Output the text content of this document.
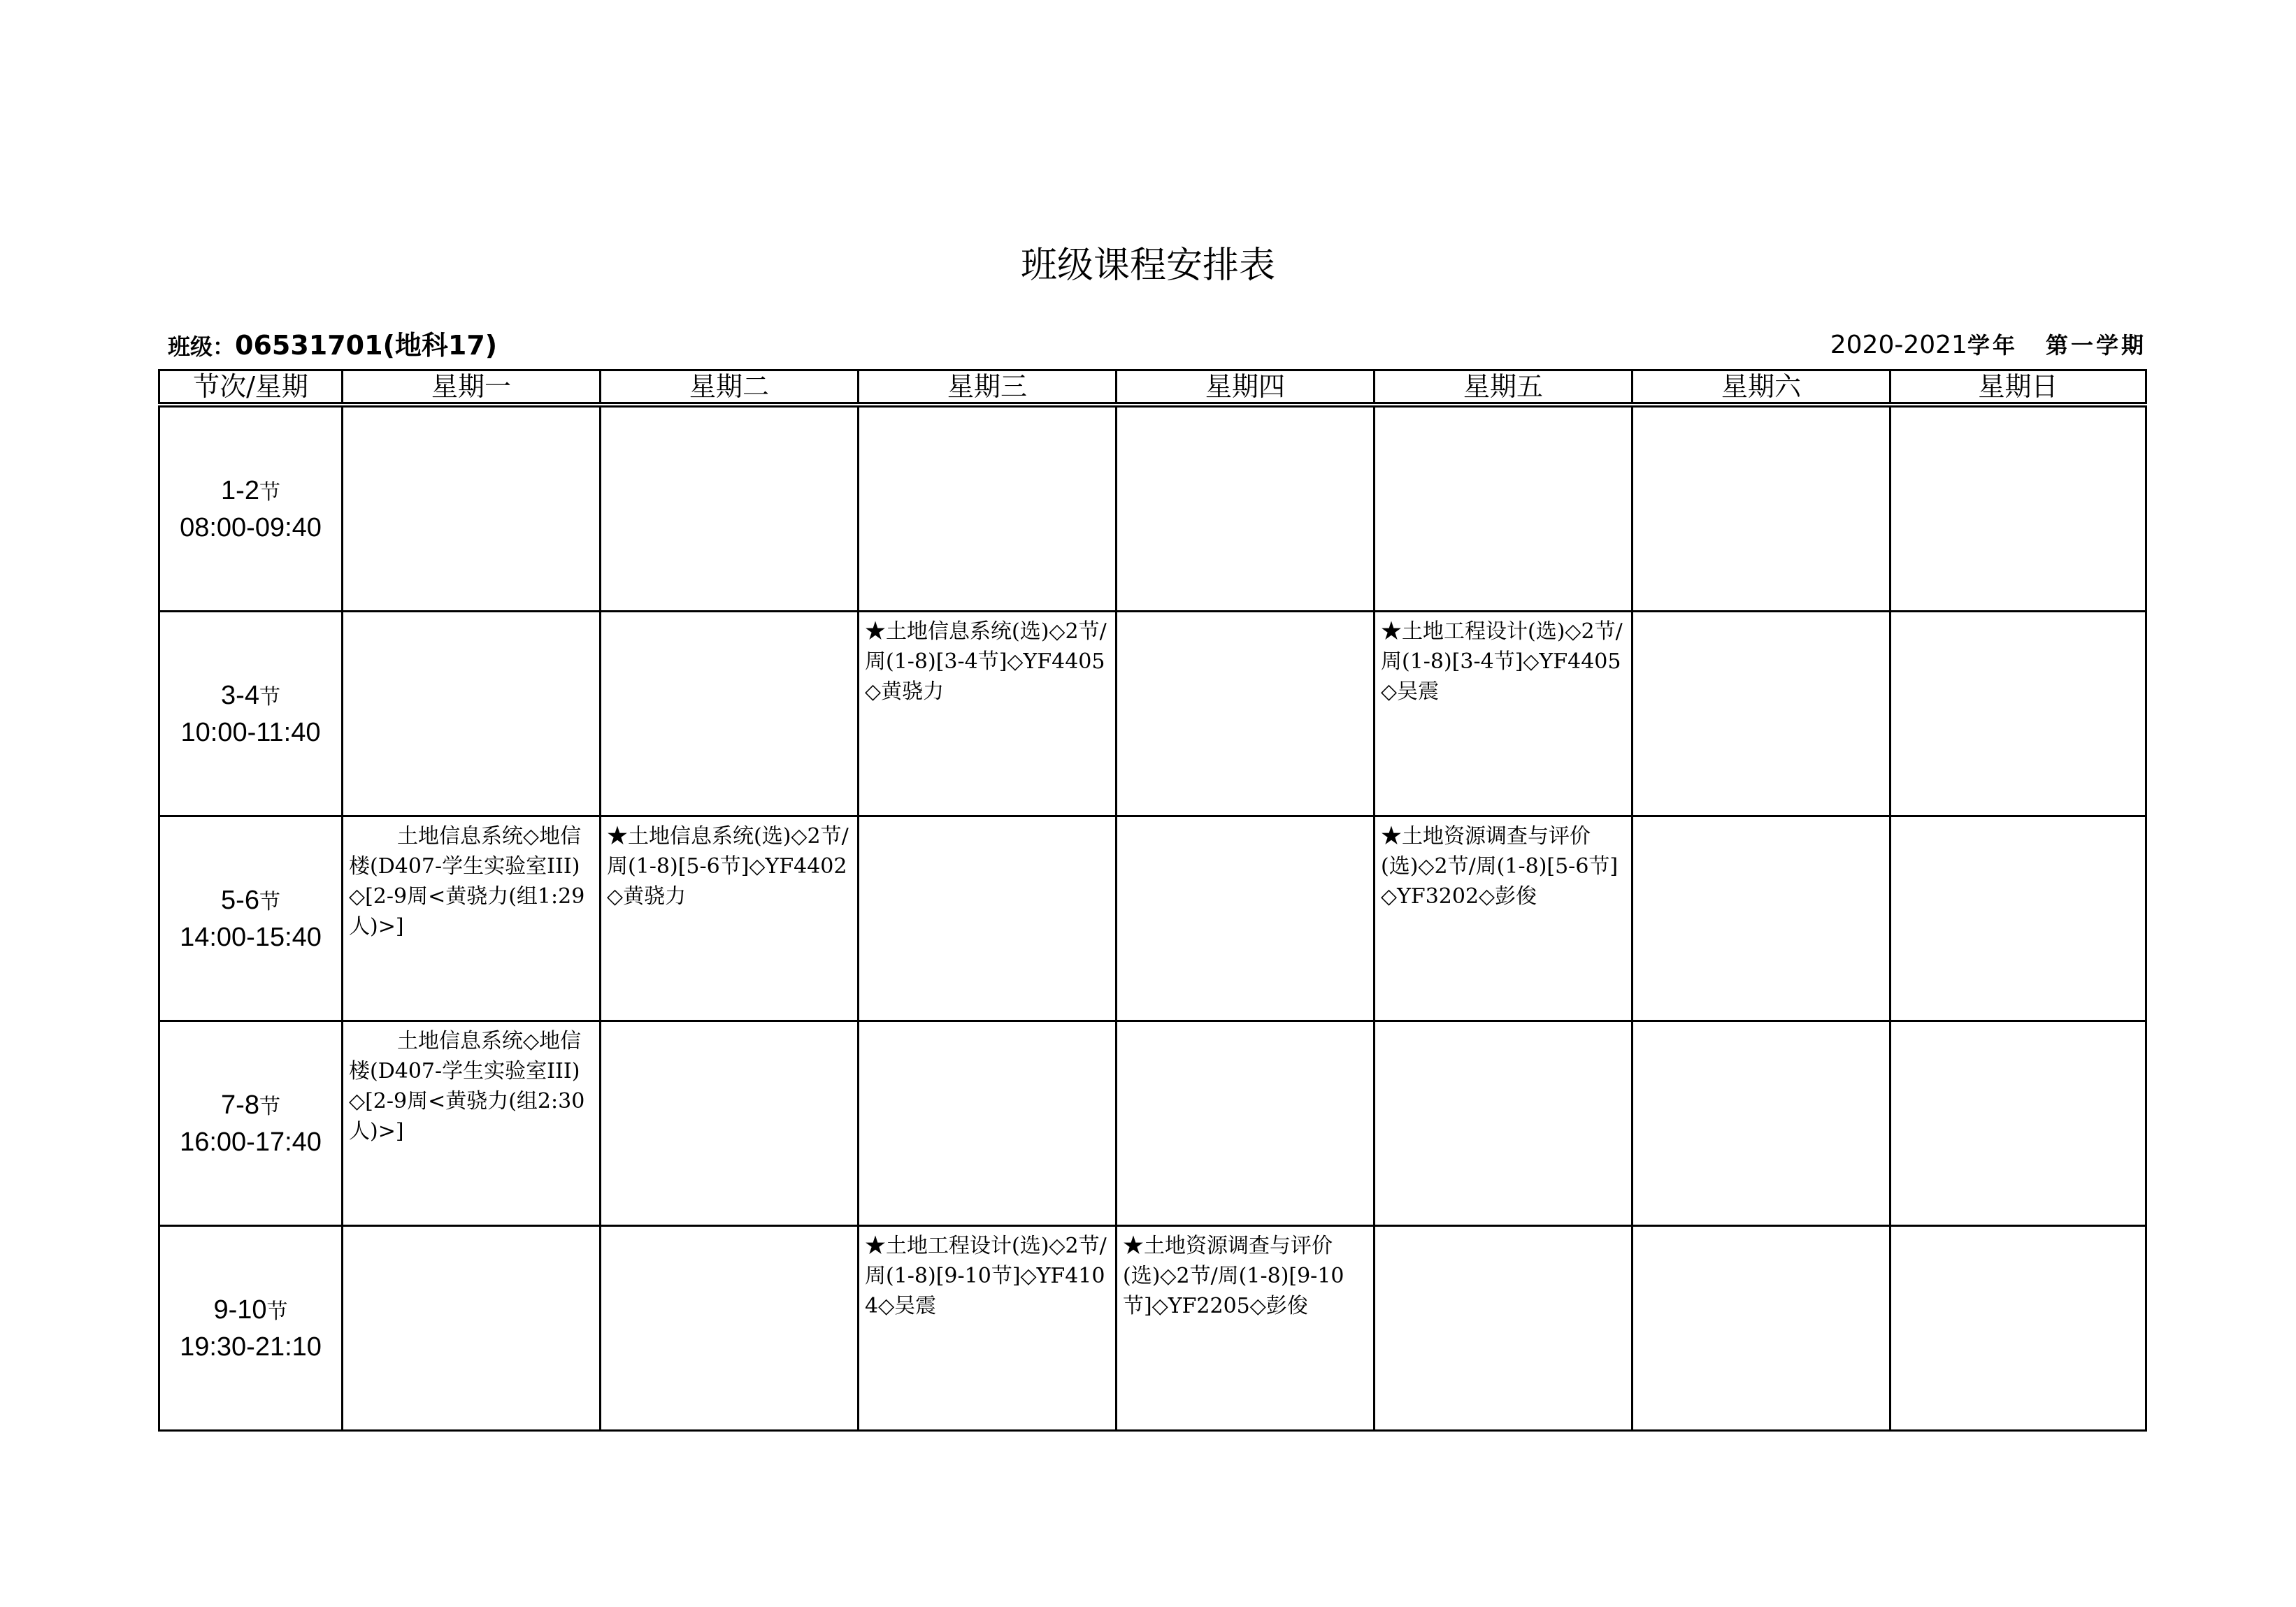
班级课程安排表
班级：06531701(地科17)	2020-2021学年 第一学期
节次/星期	星期一	星期二	星期三	星期四	星期五	星期六	星期日

1-2节
08:00-09:40							

3-4节
10:00-11:40			★土地信息系统(选)◇2节/周(1-8)[3-4节]◇YF4405◇黄骁力		★土地工程设计(选)◇2节/周(1-8)[3-4节]◇YF4405◇吴震		

5-6节
14:00-15:40	土地信息系统◇地信楼(D407-学生实验室III)◇[2-9周<黄骁力(组1:29人)>]	★土地信息系统(选)◇2节/周(1-8)[5-6节]◇YF4402◇黄骁力			★土地资源调查与评价(选)◇2节/周(1-8)[5-6节]◇YF3202◇彭俊		

7-8节
16:00-17:40	土地信息系统◇地信楼(D407-学生实验室III)◇[2-9周<黄骁力(组2:30人)>]						

9-10节
19:30-21:10			★土地工程设计(选)◇2节/周(1-8)[9-10节]◇YF4104◇吴震	★土地资源调查与评价(选)◇2节/周(1-8)[9-10节]◇YF2205◇彭俊			
